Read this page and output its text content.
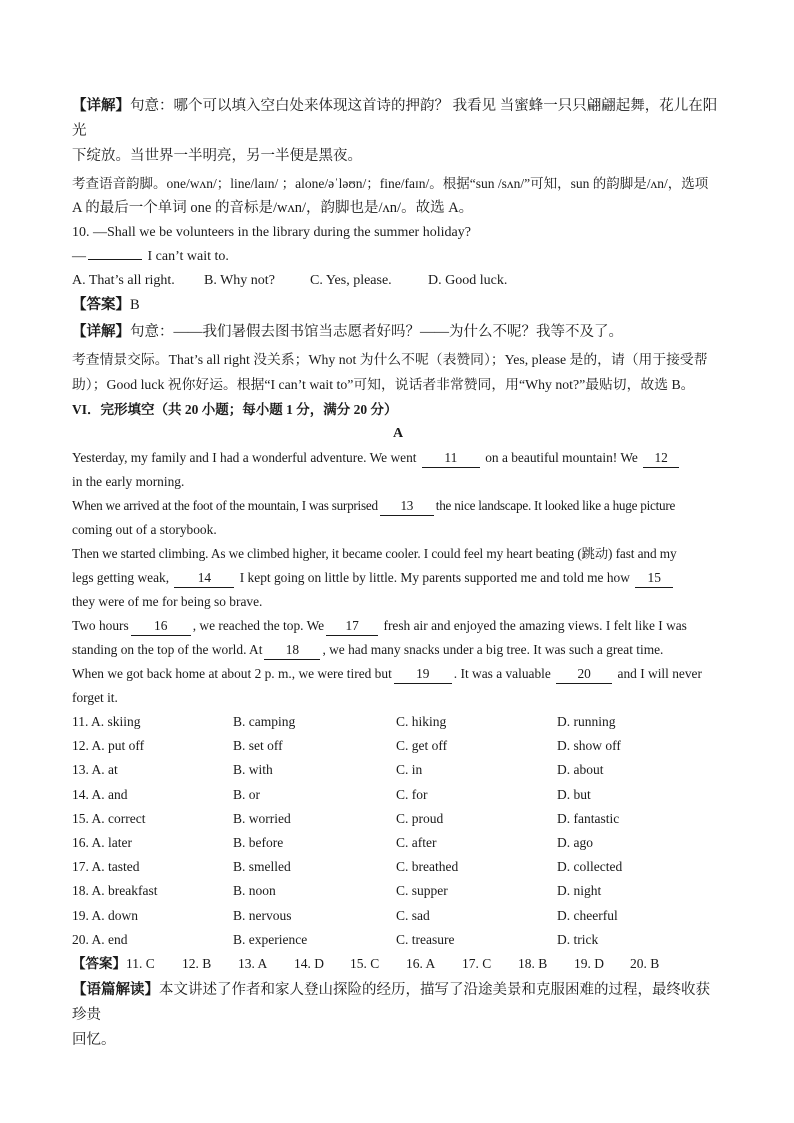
【详解】句意：哪个可以填入空白处来体现这首诗的押韵？ 我看见 当蜜蜂一只只翩翩起舞，花儿在阳光

下绽放。当世界一半明亮，另一半便是黑夜。

考查语音韵脚。one/wʌn/；line/laɪn/ ；alone/əˈləʊn/；fine/faɪn/。根据“sun /sʌn/”可知，sun 的韵脚是/ʌn/，选项

A 的最后一个单词 one 的音标是/wʌn/，韵脚也是/ʌn/。故选 A。

10. —Shall we be volunteers in the library during the summer holiday?

—	I can’t wait to.

A. That’s all right. B. Why not?	C. Yes, please.	D. Good luck.

【答案】B

【详解】句意：——我们暑假去图书馆当志愿者好吗？——为什么不呢？我等不及了。

考查情景交际。That’s all right 没关系；Why not 为什么不呢（表赞同）；Yes, please 是的，请（用于接受帮

助）；Good luck 祝你好运。根据“I can’t wait to”可知，说话者非常赞同，用“Why not?”最贴切，故选 B。

VI．完形填空（共 20 小题；每小题 1 分，满分 20 分）

A

Yesterday, my family and I had a wonderful adventure. We went 11 on a beautiful mountain! We 12

in the early morning.

When we arrived at the foot of the mountain, I was surprised 13 the nice landscape. It looked like a huge picture

coming out of a storybook.

Then we started climbing. As we climbed higher, it became cooler. I could feel my heart beating (跳动) fast and my

legs getting weak, 14 I kept going on little by little. My parents supported me and told me how 15

they were of me for being so brave.

Two hours 16 , we reached the top. We 17 fresh air and enjoyed the amazing views. I felt like I was

standing on the top of the world. At 18 , we had many snacks under a big tree. It was such a great time.

When we got back home at about 2 p. m., we were tired but 19 . It was a valuable 20 and I will never

forget it.

11. A. skiing	B. camping	C. hiking	D. running
12. A. put off	B. set off	C. get off	D. show off
13. A. at	B. with	C. in	D. about
14. A. and	B. or	C. for	D. but
15. A. correct	B. worried	C. proud	D. fantastic
16. A. later	B. before	C. after	D. ago
17. A. tasted	B. smelled	C. breathed	D. collected
18. A. breakfast	B. noon	C. supper	D. night
19. A. down	B. nervous	C. sad	D. cheerful
20. A. end	B. experience	C. treasure	D. trick

【答案】11. C 12. B 13. A 14. D 15. C 16. A 17. C 18. B 19. D 20. B

【语篇解读】本文讲述了作者和家人登山探险的经历，描写了沿途美景和克服困难的过程，最终收获珍贵

回忆。
